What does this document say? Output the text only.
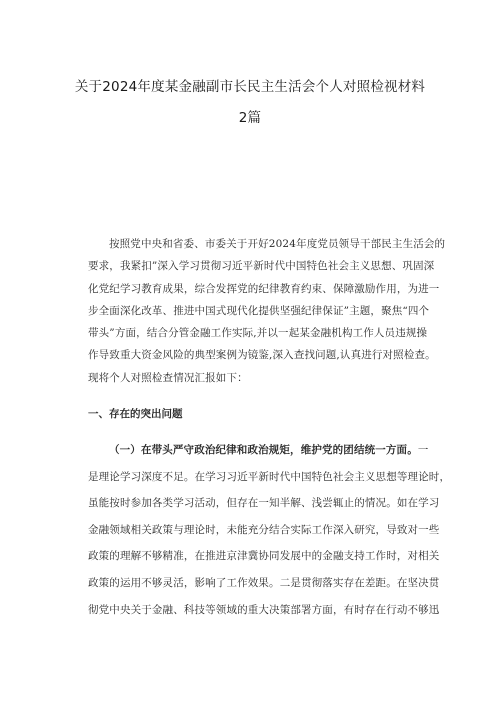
关于2024年度某金融副市长民主生活会个人对照检视材料
2篇

按照党中央和省委、市委关于开好2024年度党员领导干部民主生活会的

要求，我紧扣”深入学习贯彻习近平新时代中国特色社会主义思想、巩固深

化党纪学习教育成果，综合发挥党的纪律教育约束、保障激励作用，为进一

步全面深化改革、推进中国式现代化提供坚强纪律保证”主题，聚焦“四个

带头”方面，结合分管金融工作实际,并以一起某金融机构工作人员违规操

作导致重大资金风险的典型案例为镜鉴,深入查找问题,认真进行对照检查。

现将个人对照检查情况汇报如下：

一、存在的突出问题

（一）在带头严守政治纪律和政治规矩，维护党的团结统一方面。一

是理论学习深度不足。在学习习近平新时代中国特色社会主义思想等理论时，

虽能按时参加各类学习活动，但存在一知半解、浅尝辄止的情况。如在学习

金融领域相关政策与理论时，未能充分结合实际工作深入研究，导致对一些

政策的理解不够精准，在推进京津冀协同发展中的金融支持工作时，对相关

政策的运用不够灵活，影响了工作效果。二是贯彻落实存在差距。在坚决贯

彻党中央关于金融、科技等领域的重大决策部署方面，有时存在行动不够迅
